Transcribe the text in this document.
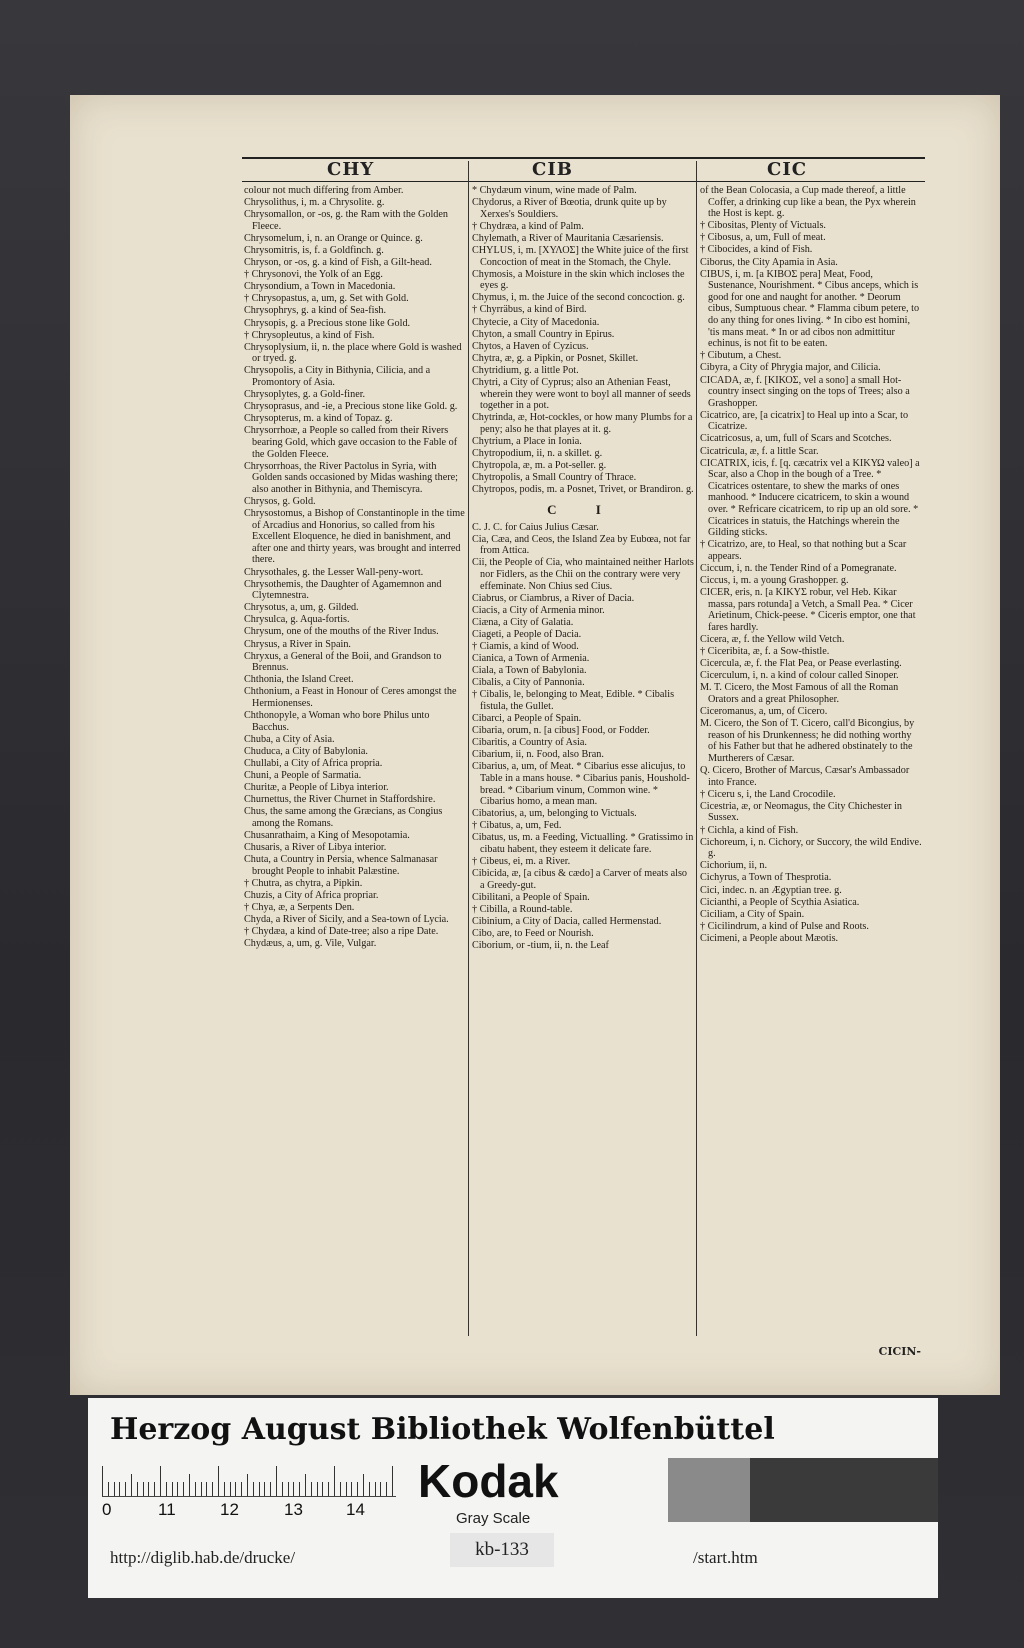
CHY	CIB	CIC

colour not much differing from Amber.

Chrysolithus, i, m. a Chrysolite. g.

Chrysomallon, or -os, g. the Ram with the Golden Fleece.

Chrysomelum, i, n. an Orange or Quince. g.

Chrysomitris, is, f. a Goldfinch. g.

Chryson, or -os, g. a kind of Fish, a Gilt-head.

† Chrysonovi, the Yolk of an Egg.

Chrysondium, a Town in Macedonia.

† Chrysopastus, a, um, g. Set with Gold.

Chrysophrys, g. a kind of Sea-fish.

Chrysopis, g. a Precious stone like Gold.

† Chrysopleutus, a kind of Fish.

Chrysoplysium, ii, n. the place where Gold is washed or tryed. g.

Chrysopolis, a City in Bithynia, Cilicia, and a Promontory of Asia.

Chrysoplytes, g. a Gold-finer.

Chrysoprasus, and -ie, a Precious stone like Gold. g.

Chrysopterus, m. a kind of Topaz. g.

Chrysorrhoæ, a People so called from their Rivers bearing Gold, which gave occasion to the Fable of the Golden Fleece.

Chrysorrhoas, the River Pactolus in Syria, with Golden sands occasioned by Midas washing there; also another in Bithynia, and Themiscyra.

Chrysos, g. Gold.

Chrysostomus, a Bishop of Constantinople in the time of Arcadius and Honorius, so called from his Excellent Eloquence, he died in banishment, and after one and thirty years, was brought and interred there.

Chrysothales, g. the Lesser Wall-peny-wort.

Chrysothemis, the Daughter of Agamemnon and Clytemnestra.

Chrysotus, a, um, g. Gilded.

Chrysulca, g. Aqua-fortis.

Chrysum, one of the mouths of the River Indus.

Chrysus, a River in Spain.

Chryxus, a General of the Boii, and Grandson to Brennus.

Chthonia, the Island Creet.

Chthonium, a Feast in Honour of Ceres amongst the Hermionenses.

Chthonopyle, a Woman who bore Philus unto Bacchus.

Chuba, a City of Asia.

Chuduca, a City of Babylonia.

Chullabi, a City of Africa propria.

Chuni, a People of Sarmatia.

Churitæ, a People of Libya interior.

Churnettus, the River Churnet in Staffordshire.

Chus, the same among the Græcians, as Congius among the Romans.

Chusanrathaim, a King of Mesopotamia.

Chusaris, a River of Libya interior.

Chuta, a Country in Persia, whence Salmanasar brought People to inhabit Palæstine.

† Chutra, as chytra, a Pipkin.

Chuzis, a City of Africa propriar.

† Chya, æ, a Serpents Den.

Chyda, a River of Sicily, and a Sea-town of Lycia.

† Chydæa, a kind of Date-tree; also a ripe Date.

Chydæus, a, um, g. Vile, Vulgar.

* Chydæum vinum, wine made of Palm.

Chydorus, a River of Bœotia, drunk quite up by Xerxes's Souldiers.

† Chydræa, a kind of Palm.

Chylemath, a River of Mauritania Cæsariensis.

CHYLUS, i, m. [ΧΥΛΟΣ] the White juice of the first Concoction of meat in the Stomach, the Chyle.

Chymosis, a Moisture in the skin which incloses the eyes g.

Chymus, i, m. the Juice of the second concoction. g.

† Chyrräbus, a kind of Bird.

Chytecie, a City of Macedonia.

Chyton, a small Country in Epirus.

Chytos, a Haven of Cyzicus.

Chytra, æ, g. a Pipkin, or Posnet, Skillet.

Chytridium, g. a little Pot.

Chytri, a City of Cyprus; also an Athenian Feast, wherein they were wont to boyl all manner of seeds together in a pot.

Chytrinda, æ, Hot-cockles, or how many Plumbs for a peny; also he that playes at it. g.

Chytrium, a Place in Ionia.

Chytropodium, ii, n. a skillet. g.

Chytropola, æ, m. a Pot-seller. g.

Chytropolis, a Small Country of Thrace.

Chytropos, podis, m. a Posnet, Trivet, or Brandiron. g.

C I

C. J. C. for Caius Julius Cæsar.

Cia, Cæa, and Ceos, the Island Zea by Eubœa, not far from Attica.

Cii, the People of Cia, who maintained neither Harlots nor Fidlers, as the Chii on the contrary were very effeminate. Non Chius sed Cius.

Ciabrus, or Ciambrus, a River of Dacia.

Ciacis, a City of Armenia minor.

Ciæna, a City of Galatia.

Ciageti, a People of Dacia.

† Ciamis, a kind of Wood.

Cianica, a Town of Armenia.

Ciala, a Town of Babylonia.

Cibalis, a City of Pannonia.

† Cibalis, le, belonging to Meat, Edible. * Cibalis fistula, the Gullet.

Cibarci, a People of Spain.

Cibaria, orum, n. [a cibus] Food, or Fodder.

Cibaritis, a Country of Asia.

Cibarium, ii, n. Food, also Bran.

Cibarius, a, um, of Meat. * Cibarius esse alicujus, to Table in a mans house. * Cibarius panis, Houshold-bread. * Cibarium vinum, Common wine. * Cibarius homo, a mean man.

Cibatorius, a, um, belonging to Victuals.

† Cibatus, a, um, Fed.

Cibatus, us, m. a Feeding, Victualling. * Gratissimo in cibatu habent, they esteem it delicate fare.

† Cibeus, ei, m. a River.

Cibicida, æ, [a cibus & cædo] a Carver of meats also a Greedy-gut.

Cibilitani, a People of Spain.

† Cibilla, a Round-table.

Cibinium, a City of Dacia, called Hermenstad.

Cibo, are, to Feed or Nourish.

Ciborium, or -tium, ii, n. the Leaf

of the Bean Colocasia, a Cup made thereof, a little Coffer, a drinking cup like a bean, the Pyx wherein the Host is kept. g.

† Cibositas, Plenty of Victuals.

† Cibosus, a, um, Full of meat.

† Cibocides, a kind of Fish.

Ciborus, the City Apamia in Asia.

CIBUS, i, m. [a ΚΙΒΟΣ pera] Meat, Food, Sustenance, Nourishment. * Cibus anceps, which is good for one and naught for another. * Deorum cibus, Sumptuous chear. * Flamma cibum petere, to do any thing for ones living. * In cibo est homini, 'tis mans meat. * In or ad cibos non admittitur echinus, is not fit to be eaten.

† Cibutum, a Chest.

Cibyra, a City of Phrygia major, and Cilicia.

CICADA, æ, f. [ΚΙΚΟΣ, vel a sono] a small Hot-country insect singing on the tops of Trees; also a Grashopper.

Cicatrico, are, [a cicatrix] to Heal up into a Scar, to Cicatrize.

Cicatricosus, a, um, full of Scars and Scotches.

Cicatricula, æ, f. a little Scar.

CICATRIX, icis, f. [q. cæcatrix vel a ΚΙΚΥΩ valeo] a Scar, also a Chop in the bough of a Tree. * Cicatrices ostentare, to shew the marks of ones manhood. * Inducere cicatricem, to skin a wound over. * Refricare cicatricem, to rip up an old sore. * Cicatrices in statuis, the Hatchings wherein the Gilding sticks.

† Cicatrizo, are, to Heal, so that nothing but a Scar appears.

Ciccum, i, n. the Tender Rind of a Pomegranate.

Ciccus, i, m. a young Grashopper. g.

CICER, eris, n. [a ΚΙΚΥΣ robur, vel Heb. Kikar massa, pars rotunda] a Vetch, a Small Pea. * Cicer Arietinum, Chick-peese. * Ciceris emptor, one that fares hardly.

Cicera, æ, f. the Yellow wild Vetch.

† Ciceribita, æ, f. a Sow-thistle.

Cicercula, æ, f. the Flat Pea, or Pease everlasting.

Cicerculum, i, n. a kind of colour called Sinoper.

M. T. Cicero, the Most Famous of all the Roman Orators and a great Philosopher.

Ciceromanus, a, um, of Cicero.

M. Cicero, the Son of T. Cicero, call'd Bicongius, by reason of his Drunkenness; he did nothing worthy of his Father but that he adhered obstinately to the Murtherers of Cæsar.

Q. Cicero, Brother of Marcus, Cæsar's Ambassador into France.

† Ciceru s, i, the Land Crocodile.

Cicestria, æ, or Neomagus, the City Chichester in Sussex.

† Cichla, a kind of Fish.

Cichoreum, i, n. Cichory, or Succory, the wild Endive. g.

Cichorium, ii, n.

Cichyrus, a Town of Thesprotia.

Cici, indec. n. an Ægyptian tree. g.

Cicianthi, a People of Scythia Asiatica.

Ciciliam, a City of Spain.

† Cicilindrum, a kind of Pulse and Roots.

Cicimeni, a People about Mæotis.

CICIN-
Herzog August Bibliothek Wolfenbüttel
0	11	12	13	14
Kodak
Gray Scale
http://diglib.hab.de/drucke/	kb-133	/start.htm
